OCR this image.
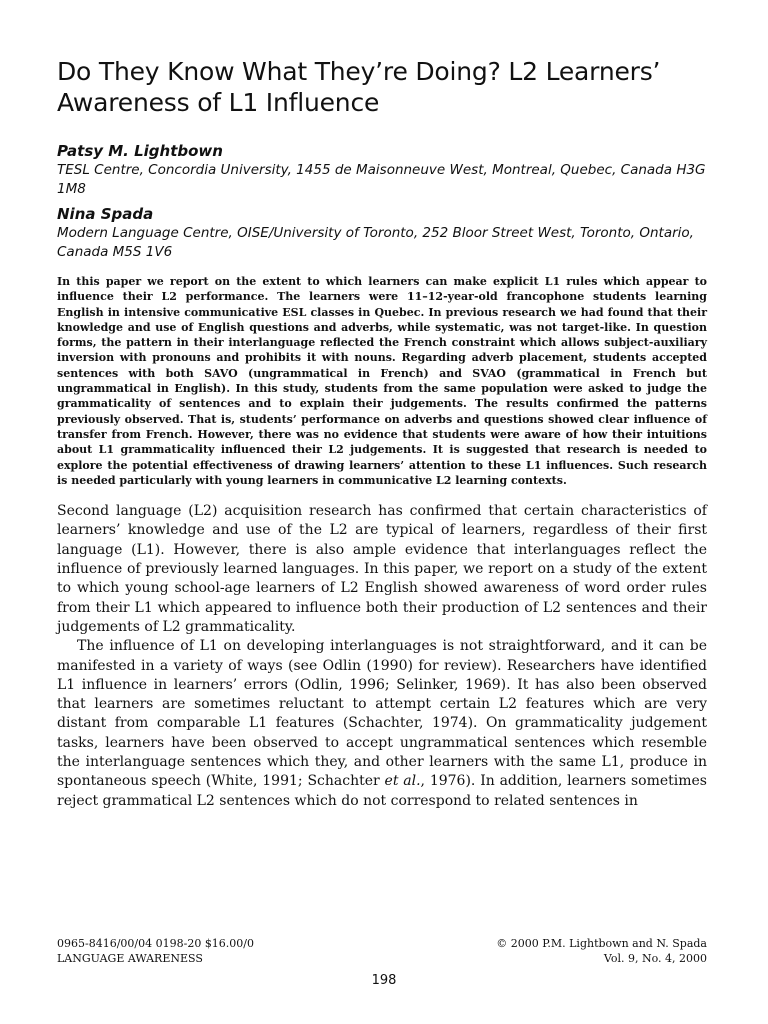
Do They Know What They’re Doing? L2 Learners’ Awareness of L1 Influence

Patsy M. Lightbown

TESL Centre, Concordia University, 1455 de Maisonneuve West, Montreal, Quebec, Canada H3G 1M8

Nina Spada

Modern Language Centre, OISE/University of Toronto, 252 Bloor Street West, Toronto, Ontario, Canada M5S 1V6

In this paper we report on the extent to which learners can make explicit L1 rules which appear to influence their L2 performance. The learners were 11–12-year-old francophone students learning English in intensive communicative ESL classes in Quebec. In previous research we had found that their knowledge and use of English questions and adverbs, while systematic, was not target-like. In question forms, the pattern in their interlanguage reflected the French constraint which allows subject-auxiliary inversion with pronouns and prohibits it with nouns. Regarding adverb placement, students accepted sentences with both SAVO (ungrammatical in French) and SVAO (grammatical in French but ungrammatical in English). In this study, students from the same population were asked to judge the grammaticality of sentences and to explain their judgements. The results confirmed the patterns previously observed. That is, students’ performance on adverbs and questions showed clear influence of transfer from French. However, there was no evidence that students were aware of how their intuitions about L1 grammaticality influenced their L2 judgements. It is suggested that research is needed to explore the potential effectiveness of drawing learners’ attention to these L1 influences. Such research is needed particularly with young learners in communicative L2 learning contexts.

Second language (L2) acquisition research has confirmed that certain characteristics of learners’ knowledge and use of the L2 are typical of learners, regardless of their first language (L1). However, there is also ample evidence that interlanguages reflect the influence of previously learned languages. In this paper, we report on a study of the extent to which young school-age learners of L2 English showed awareness of word order rules from their L1 which appeared to influence both their production of L2 sentences and their judgements of L2 grammaticality.

The influence of L1 on developing interlanguages is not straightforward, and it can be manifested in a variety of ways (see Odlin (1990) for review). Researchers have identified L1 influence in learners’ errors (Odlin, 1996; Selinker, 1969). It has also been observed that learners are sometimes reluctant to attempt certain L2 features which are very distant from comparable L1 features (Schachter, 1974). On grammaticality judgement tasks, learners have been observed to accept ungrammatical sentences which resemble the interlanguage sentences which they, and other learners with the same L1, produce in spontaneous speech (White, 1991; Schachter et al., 1976). In addition, learners sometimes reject grammatical L2 sentences which do not correspond to related sentences in

0965-8416/00/04 0198-20 $16.00/0	© 2000 P.M. Lightbown and N. Spada
LANGUAGE AWARENESS	Vol. 9, No. 4, 2000
198
